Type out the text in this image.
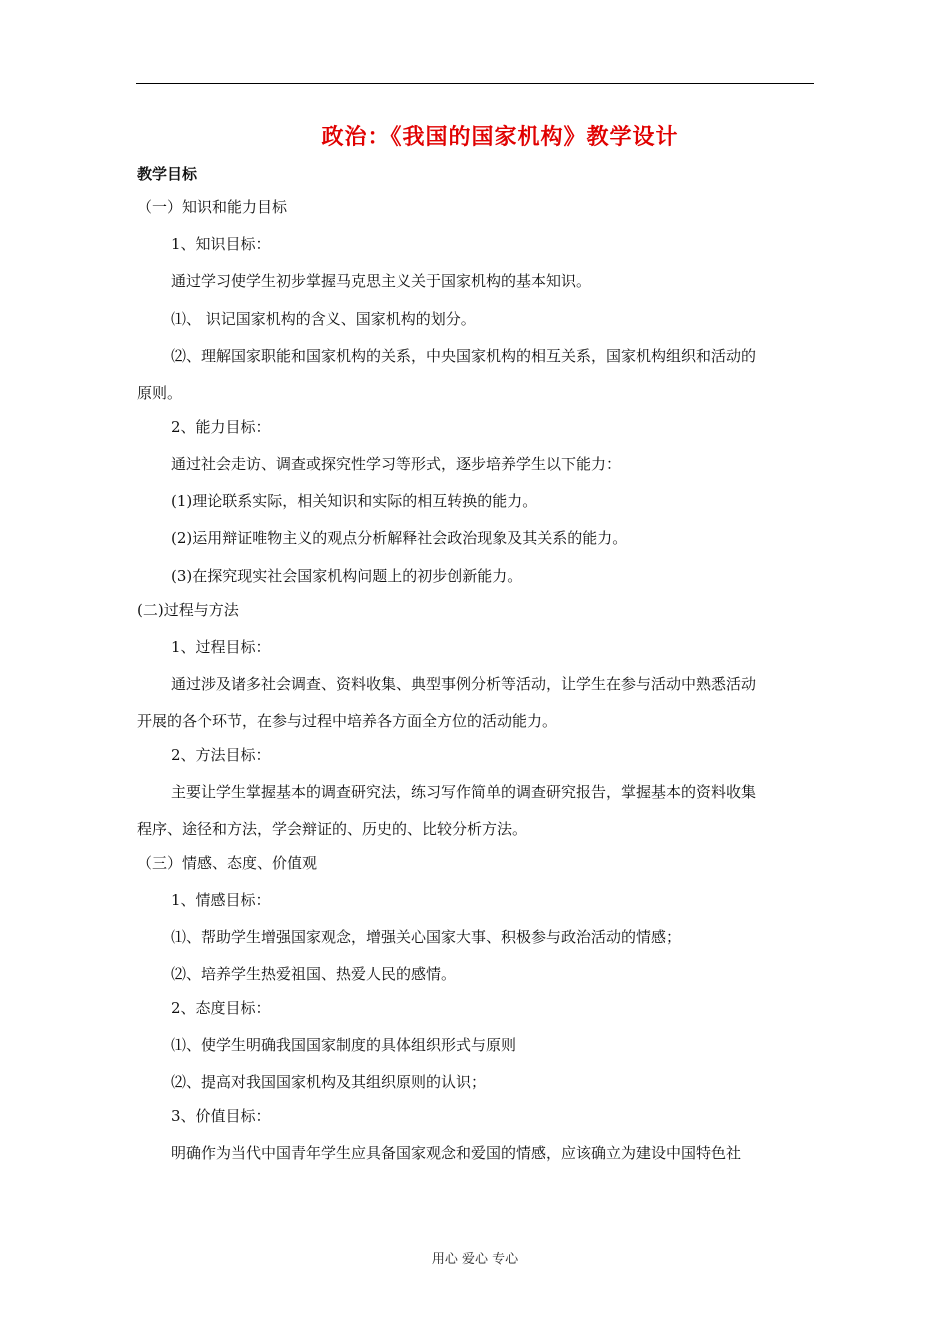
政治：《我国的国家机构》教学设计
教学目标
（一）知识和能力目标
1、知识目标：
通过学习使学生初步掌握马克思主义关于国家机构的基本知识。
⑴、 识记国家机构的含义、国家机构的划分。
⑵、理解国家职能和国家机构的关系，中央国家机构的相互关系，国家机构组织和活动的
原则。
2、能力目标：
通过社会走访、调查或探究性学习等形式，逐步培养学生以下能力：
(1)理论联系实际，相关知识和实际的相互转换的能力。
(2)运用辩证唯物主义的观点分析解释社会政治现象及其关系的能力。
(3)在探究现实社会国家机构问题上的初步创新能力。
(二)过程与方法
1、过程目标：
通过涉及诸多社会调查、资料收集、典型事例分析等活动，让学生在参与活动中熟悉活动
开展的各个环节，在参与过程中培养各方面全方位的活动能力。
2、方法目标：
主要让学生掌握基本的调查研究法，练习写作简单的调查研究报告，掌握基本的资料收集
程序、途径和方法，学会辩证的、历史的、比较分析方法。
（三）情感、态度、价值观
1、情感目标：
⑴、帮助学生增强国家观念，增强关心国家大事、积极参与政治活动的情感；
⑵、培养学生热爱祖国、热爱人民的感情。
2、态度目标：
⑴、使学生明确我国国家制度的具体组织形式与原则
⑵、提高对我国国家机构及其组织原则的认识；
3、价值目标：
明确作为当代中国青年学生应具备国家观念和爱国的情感，应该确立为建设中国特色社
用心 爱心 专心
